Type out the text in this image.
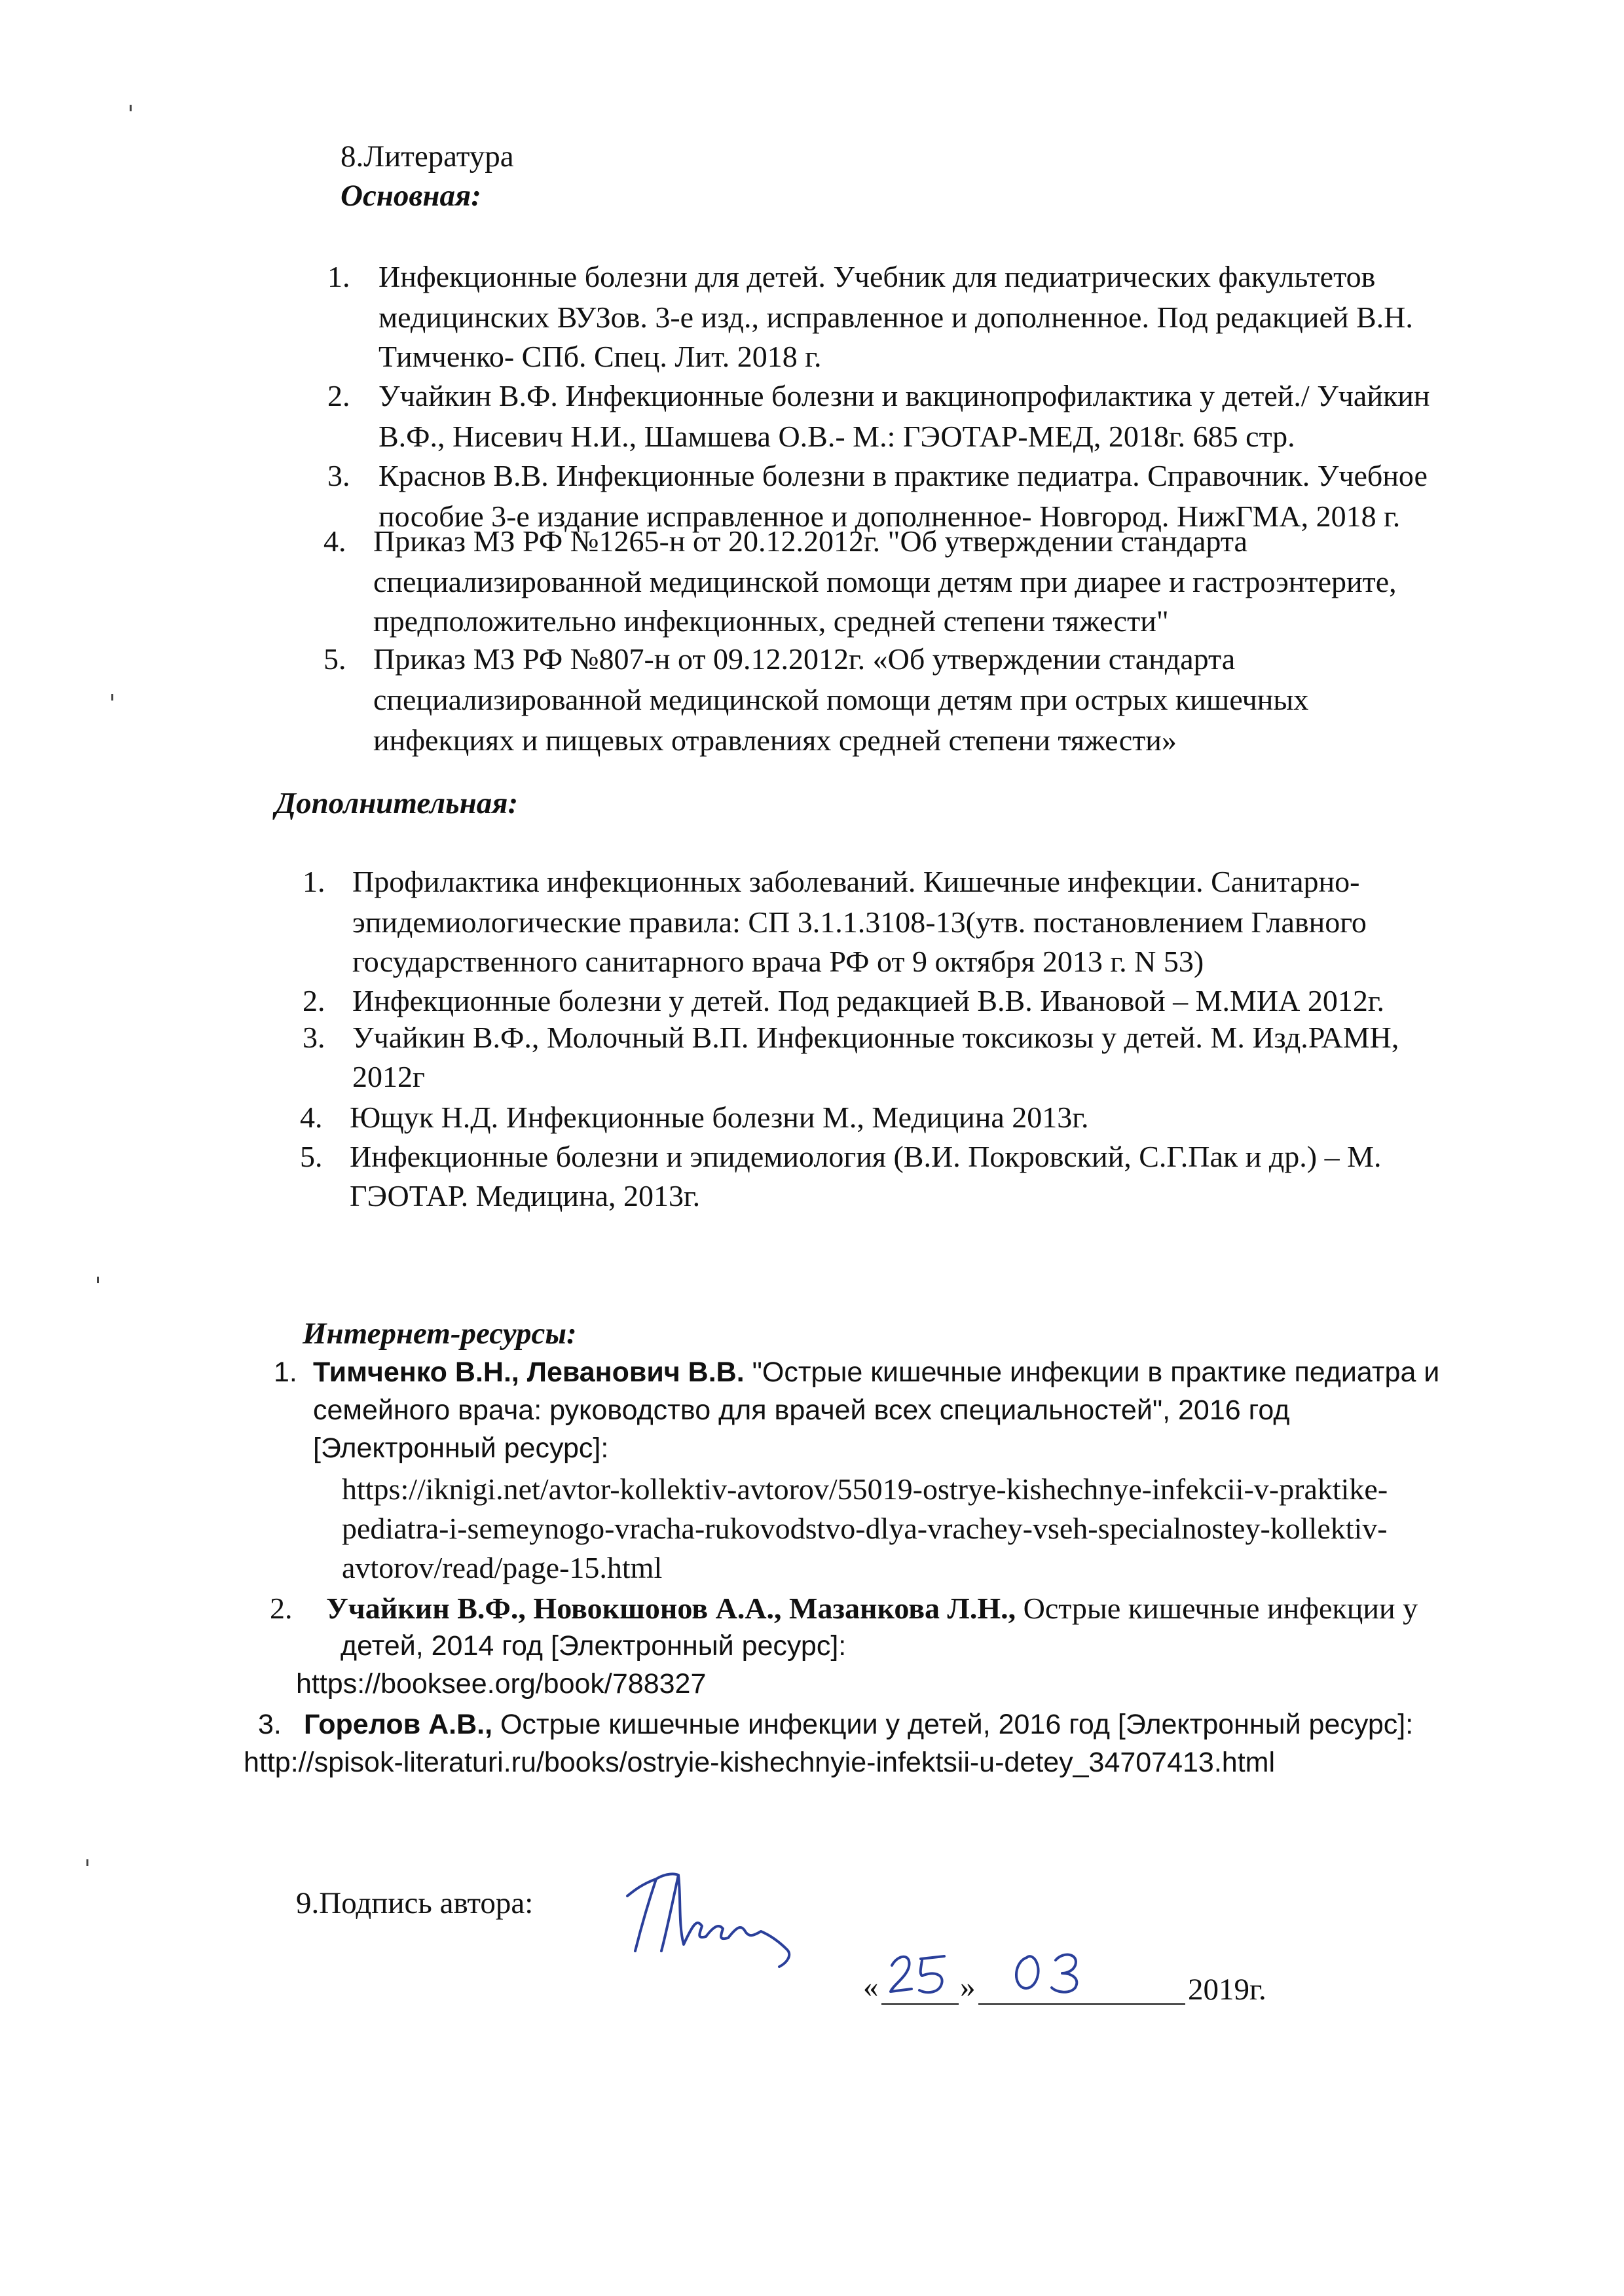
8.Литература
Основная:
1. Инфекционные болезни для детей. Учебник для педиатрических факультетов
медицинских ВУЗов. 3-е изд., исправленное и дополненное. Под редакцией В.Н.
Тимченко- СПб. Спец. Лит. 2018 г.
2. Учайкин В.Ф. Инфекционные болезни и вакцинопрофилактика у детей./ Учайкин
В.Ф., Нисевич Н.И., Шамшева О.В.- М.: ГЭОТАР-МЕД, 2018г. 685 стр.
3. Краснов В.В. Инфекционные болезни в практике педиатра. Справочник. Учебное
пособие 3-е издание исправленное и дополненное- Новгород. НижГМА, 2018 г.
4. Приказ МЗ РФ №1265-н от 20.12.2012г. "Об утверждении стандарта
специализированной медицинской помощи детям при диарее и гастроэнтерите,
предположительно инфекционных, средней степени тяжести"
5. Приказ МЗ РФ №807-н от 09.12.2012г. «Об утверждении стандарта
специализированной медицинской помощи детям при острых кишечных
инфекциях и пищевых отравлениях средней степени тяжести»
Дополнительная:
1. Профилактика инфекционных заболеваний. Кишечные инфекции. Санитарно-
эпидемиологические правила: СП 3.1.1.3108-13(утв. постановлением Главного
государственного санитарного врача РФ от 9 октября 2013 г. N 53)
2. Инфекционные болезни у детей. Под редакцией В.В. Ивановой – М.МИА 2012г.
3. Учайкин В.Ф., Молочный В.П. Инфекционные токсикозы у детей. М. Изд.РАМН,
2012г
4. Ющук Н.Д. Инфекционные болезни М., Медицина 2013г.
5. Инфекционные болезни и эпидемиология (В.И. Покровский, С.Г.Пак и др.) – М.
ГЭОТАР. Медицина, 2013г.
Интернет-ресурсы:
1. Тимченко В.Н., Леванович В.В. "Острые кишечные инфекции в практике педиатра и
семейного врача: руководство для врачей всех специальностей", 2016 год
[Электронный ресурс]:
https://iknigi.net/avtor-kollektiv-avtorov/55019-ostrye-kishechnye-infekcii-v-praktike-
pediatra-i-semeynogo-vracha-rukovodstvo-dlya-vrachey-vseh-specialnostey-kollektiv-
avtorov/read/page-15.html
2. Учайкин В.Ф., Новокшонов А.А., Мазанкова Л.Н., Острые кишечные инфекции у
детей, 2014 год [Электронный ресурс]:
https://booksee.org/book/788327
3. Горелов А.В., Острые кишечные инфекции у детей, 2016 год [Электронный ресурс]:
http://spisok-literaturi.ru/books/ostryie-kishechnyie-infektsii-u-detey_34707413.html
9.Подпись автора:
«	»	2019г.
